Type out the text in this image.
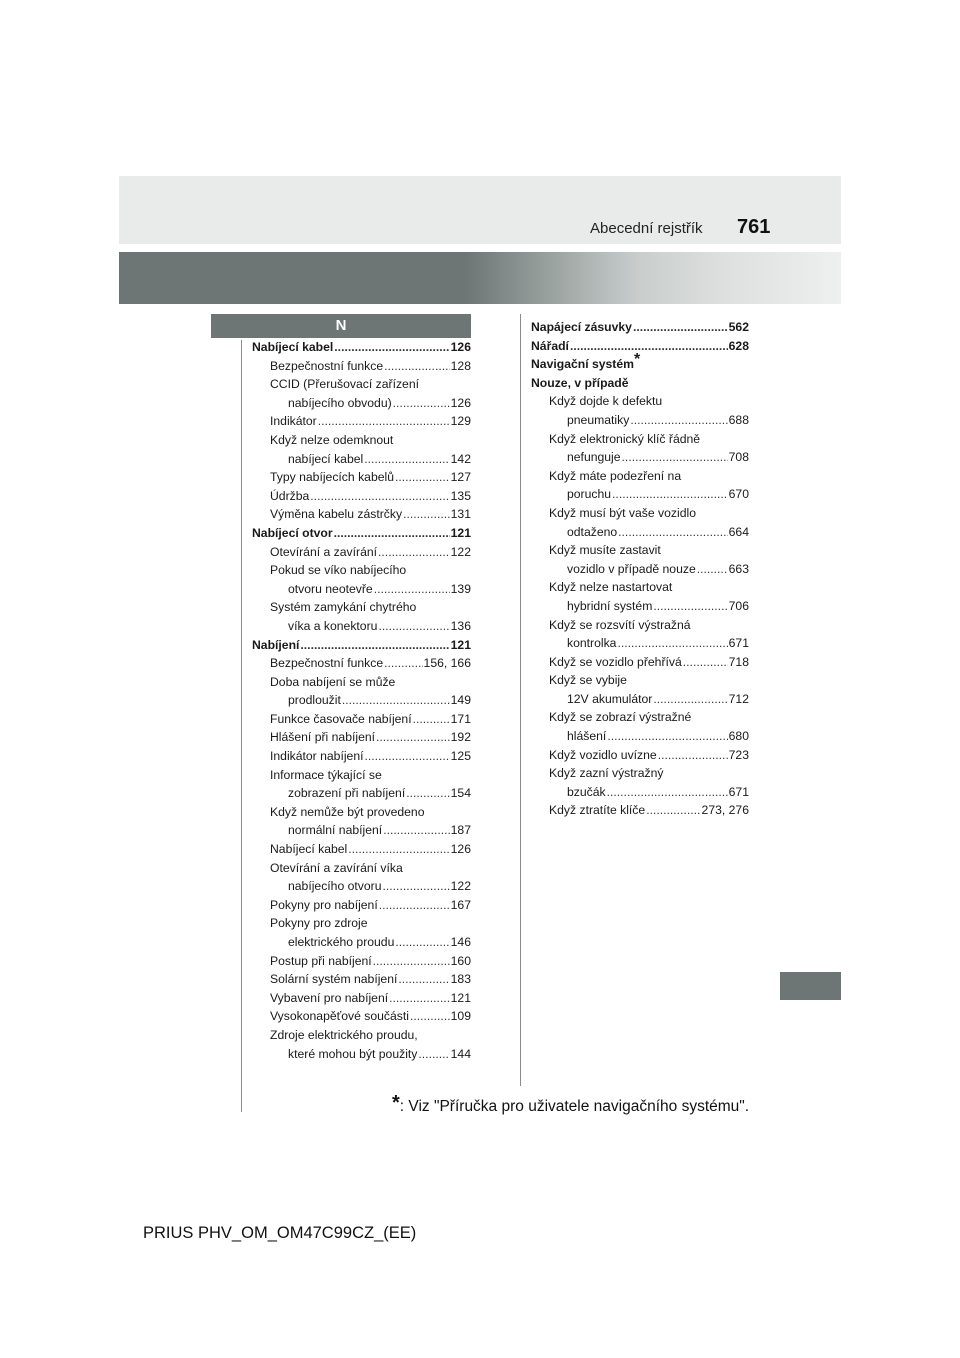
Abecední rejstřík 761
N
Nabíjecí kabel .....	126
Bezpečnostní funkce .....	128
CCID (Přerušovací zařízení
nabíjecího obvodu) .....	126
Indikátor .....	129
Když nelze odemknout
nabíjecí kabel .....	142
Typy nabíjecích kabelů .....	127
Údržba .....	135
Výměna kabelu zástrčky .....	131
Nabíjecí otvor .....	121
Otevírání a zavírání .....	122
Pokud se víko nabíjecího
otvoru neotevře .....	139
Systém zamykání chytrého
víka a konektoru .....	136
Nabíjení .....	121
Bezpečnostní funkce .....	156, 166
Doba nabíjení se může
prodloužit .....	149
Funkce časovače nabíjení .....	171
Hlášení při nabíjení .....	192
Indikátor nabíjení .....	125
Informace týkající se
zobrazení při nabíjení .....	154
Když nemůže být provedeno
normální nabíjení .....	187
Nabíjecí kabel .....	126
Otevírání a zavírání víka
nabíjecího otvoru .....	122
Pokyny pro nabíjení .....	167
Pokyny pro zdroje
elektrického proudu .....	146
Postup při nabíjení .....	160
Solární systém nabíjení .....	183
Vybavení pro nabíjení .....	121
Vysokonapěťové součásti .....	109
Zdroje elektrického proudu,
které mohou být použity .....	144
Napájecí zásuvky .....	562
Nářadí .....	628
Navigační systém*
Nouze, v případě
Když dojde k defektu
pneumatiky .....	688
Když elektronický klíč řádně
nefunguje .....	708
Když máte podezření na
poruchu .....	670
Když musí být vaše vozidlo
odtaženo .....	664
Když musíte zastavit
vozidlo v případě nouze .....	663
Když nelze nastartovat
hybridní systém .....	706
Když se rozsvítí výstražná
kontrolka .....	671
Když se vozidlo přehřívá .....	718
Když se vybije
12V akumulátor .....	712
Když se zobrazí výstražné
hlášení .....	680
Když vozidlo uvízne .....	723
Když zazní výstražný
bzučák .....	671
Když ztratíte klíče .....	273, 276
*: Viz "Příručka pro uživatele navigačního systému".
PRIUS PHV_OM_OM47C99CZ_(EE)
